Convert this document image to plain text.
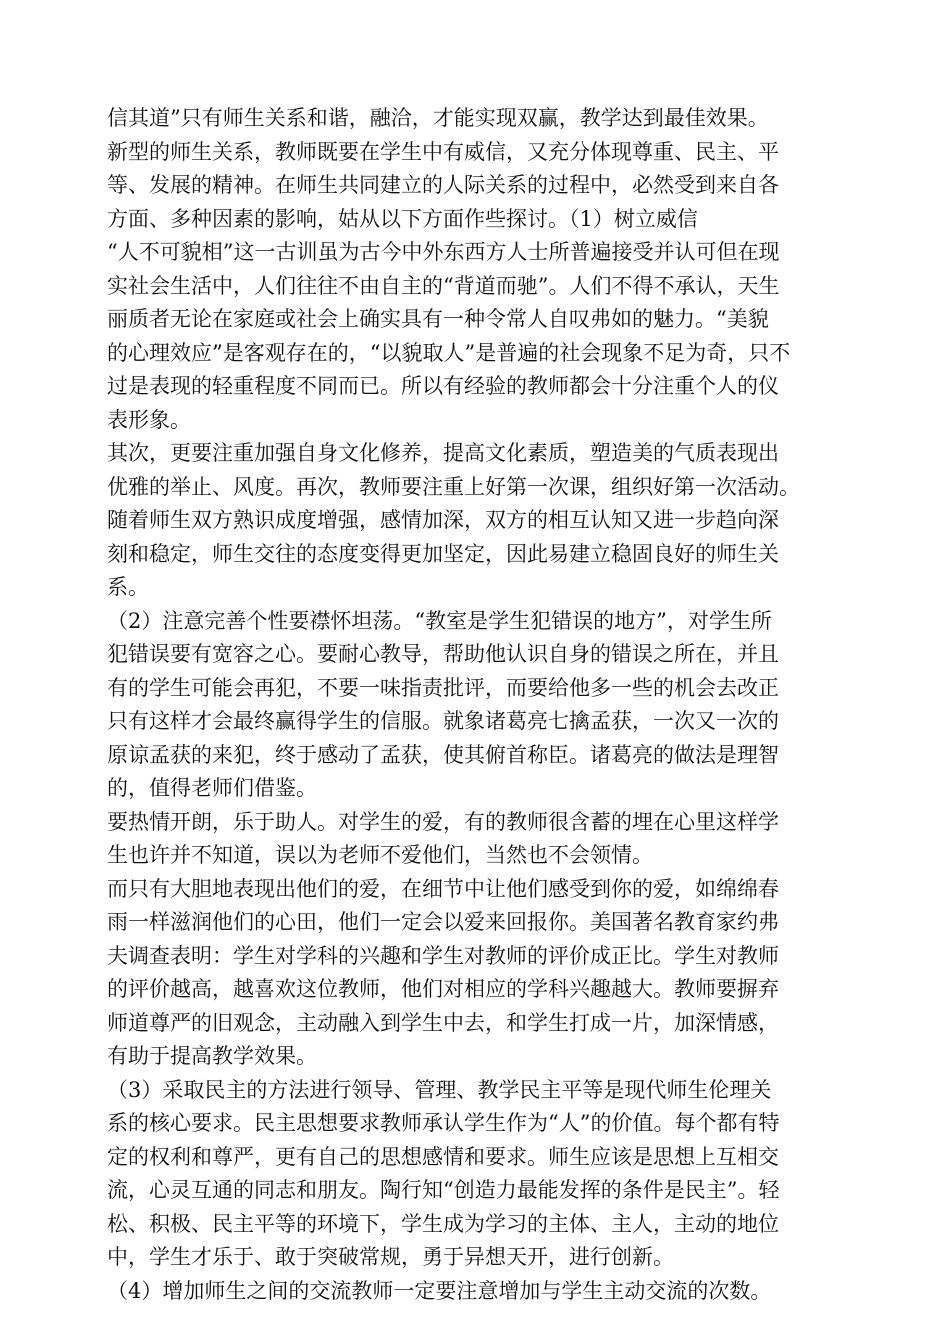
信其道”只有师生关系和谐，融洽，才能实现双赢，教学达到最佳效果。
新型的师生关系，教师既要在学生中有威信，又充分体现尊重、民主、平
等、发展的精神。在师生共同建立的人际关系的过程中，必然受到来自各
方面、多种因素的影响，姑从以下方面作些探讨。（1）树立威信
“人不可貌相”这一古训虽为古今中外东西方人士所普遍接受并认可但在现
实社会生活中，人们往往不由自主的“背道而驰”。人们不得不承认，天生
丽质者无论在家庭或社会上确实具有一种令常人自叹弗如的魅力。“美貌
的心理效应”是客观存在的，“以貌取人”是普遍的社会现象不足为奇，只不
过是表现的轻重程度不同而已。所以有经验的教师都会十分注重个人的仪
表形象。
其次，更要注重加强自身文化修养，提高文化素质，塑造美的气质表现出
优雅的举止、风度。再次，教师要注重上好第一次课，组织好第一次活动。
随着师生双方熟识成度增强，感情加深，双方的相互认知又进一步趋向深
刻和稳定，师生交往的态度变得更加坚定，因此易建立稳固良好的师生关
系。
（2）注意完善个性要襟怀坦荡。“教室是学生犯错误的地方”，对学生所
犯错误要有宽容之心。要耐心教导，帮助他认识自身的错误之所在，并且
有的学生可能会再犯，不要一味指责批评，而要给他多一些的机会去改正
只有这样才会最终赢得学生的信服。就象诸葛亮七擒孟获，一次又一次的
原谅孟获的来犯，终于感动了孟获，使其俯首称臣。诸葛亮的做法是理智
的，值得老师们借鉴。
要热情开朗，乐于助人。对学生的爱，有的教师很含蓄的埋在心里这样学
生也许并不知道，误以为老师不爱他们，当然也不会领情。
而只有大胆地表现出他们的爱，在细节中让他们感受到你的爱，如绵绵春
雨一样滋润他们的心田，他们一定会以爱来回报你。美国著名教育家约弗
夫调查表明：学生对学科的兴趣和学生对教师的评价成正比。学生对教师
的评价越高，越喜欢这位教师，他们对相应的学科兴趣越大。教师要摒弃
师道尊严的旧观念，主动融入到学生中去，和学生打成一片，加深情感，
有助于提高教学效果。
（3）采取民主的方法进行领导、管理、教学民主平等是现代师生伦理关
系的核心要求。民主思想要求教师承认学生作为“人”的价值。每个都有特
定的权利和尊严，更有自己的思想感情和要求。师生应该是思想上互相交
流，心灵互通的同志和朋友。陶行知“创造力最能发挥的条件是民主”。轻
松、积极、民主平等的环境下，学生成为学习的主体、主人，主动的地位
中，学生才乐于、敢于突破常规，勇于异想天开，进行创新。
（4）增加师生之间的交流教师一定要注意增加与学生主动交流的次数。
